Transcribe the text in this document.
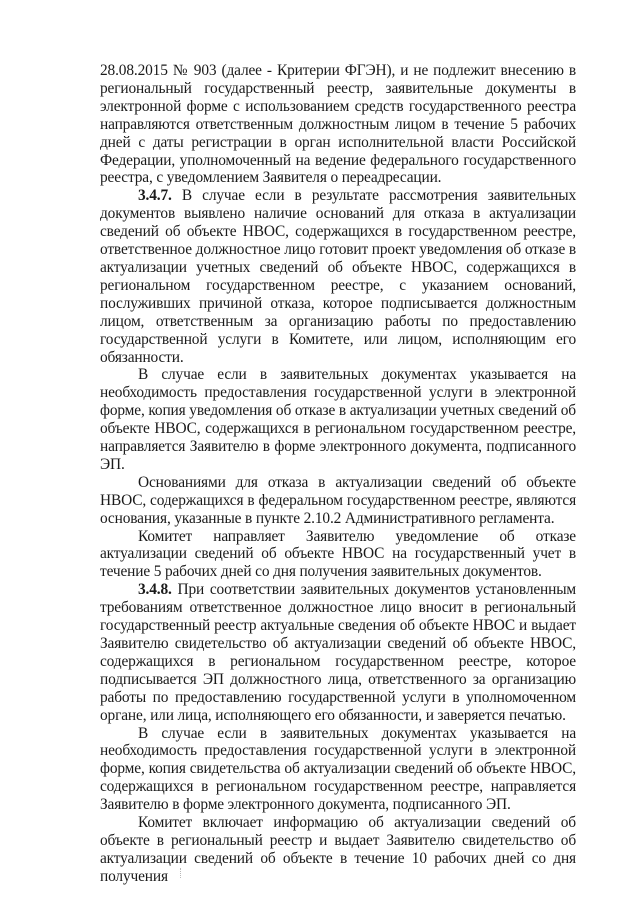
28.08.2015 № 903 (далее - Критерии ФГЭН), и не подлежит внесению в региональный государственный реестр, заявительные документы в электронной форме с использованием средств государственного реестра направляются ответственным должностным лицом в течение 5 рабочих дней с даты регистрации в орган исполнительной власти Российской Федерации, уполномоченный на ведение федерального государственного реестра, с уведомлением Заявителя о переадресации.

3.4.7. В случае если в результате рассмотрения заявительных документов выявлено наличие оснований для отказа в актуализации сведений об объекте НВОС, содержащихся в государственном реестре, ответственное должностное лицо готовит проект уведомления об отказе в актуализации учетных сведений об объекте НВОС, содержащихся в региональном государственном реестре, с указанием оснований, послуживших причиной отказа, которое подписывается должностным лицом, ответственным за организацию работы по предоставлению государственной услуги в Комитете, или лицом, исполняющим его обязанности.

В случае если в заявительных документах указывается на необходимость предоставления государственной услуги в электронной форме, копия уведомления об отказе в актуализации учетных сведений об объекте НВОС, содержащихся в региональном государственном реестре, направляется Заявителю в форме электронного документа, подписанного ЭП.

Основаниями для отказа в актуализации сведений об объекте НВОС, содержащихся в федеральном государственном реестре, являются основания, указанные в пункте 2.10.2 Административного регламента.

Комитет направляет Заявителю уведомление об отказе актуализации сведений об объекте НВОС на государственный учет в течение 5 рабочих дней со дня получения заявительных документов.

3.4.8. При соответствии заявительных документов установленным требованиям ответственное должностное лицо вносит в региональный государственный реестр актуальные сведения об объекте НВОС и выдает Заявителю свидетельство об актуализации сведений об объекте НВОС, содержащихся в региональном государственном реестре, которое подписывается ЭП должностного лица, ответственного за организацию работы по предоставлению государственной услуги в уполномоченном органе, или лица, исполняющего его обязанности, и заверяется печатью.

В случае если в заявительных документах указывается на необходимость предоставления государственной услуги в электронной форме, копия свидетельства об актуализации сведений об объекте НВОС, содержащихся в региональном государственном реестре, направляется Заявителю в форме электронного документа, подписанного ЭП.

Комитет включает информацию об актуализации сведений об объекте в региональный реестр и выдает Заявителю свидетельство об актуализации сведений об объекте в течение 10 рабочих дней со дня получения
